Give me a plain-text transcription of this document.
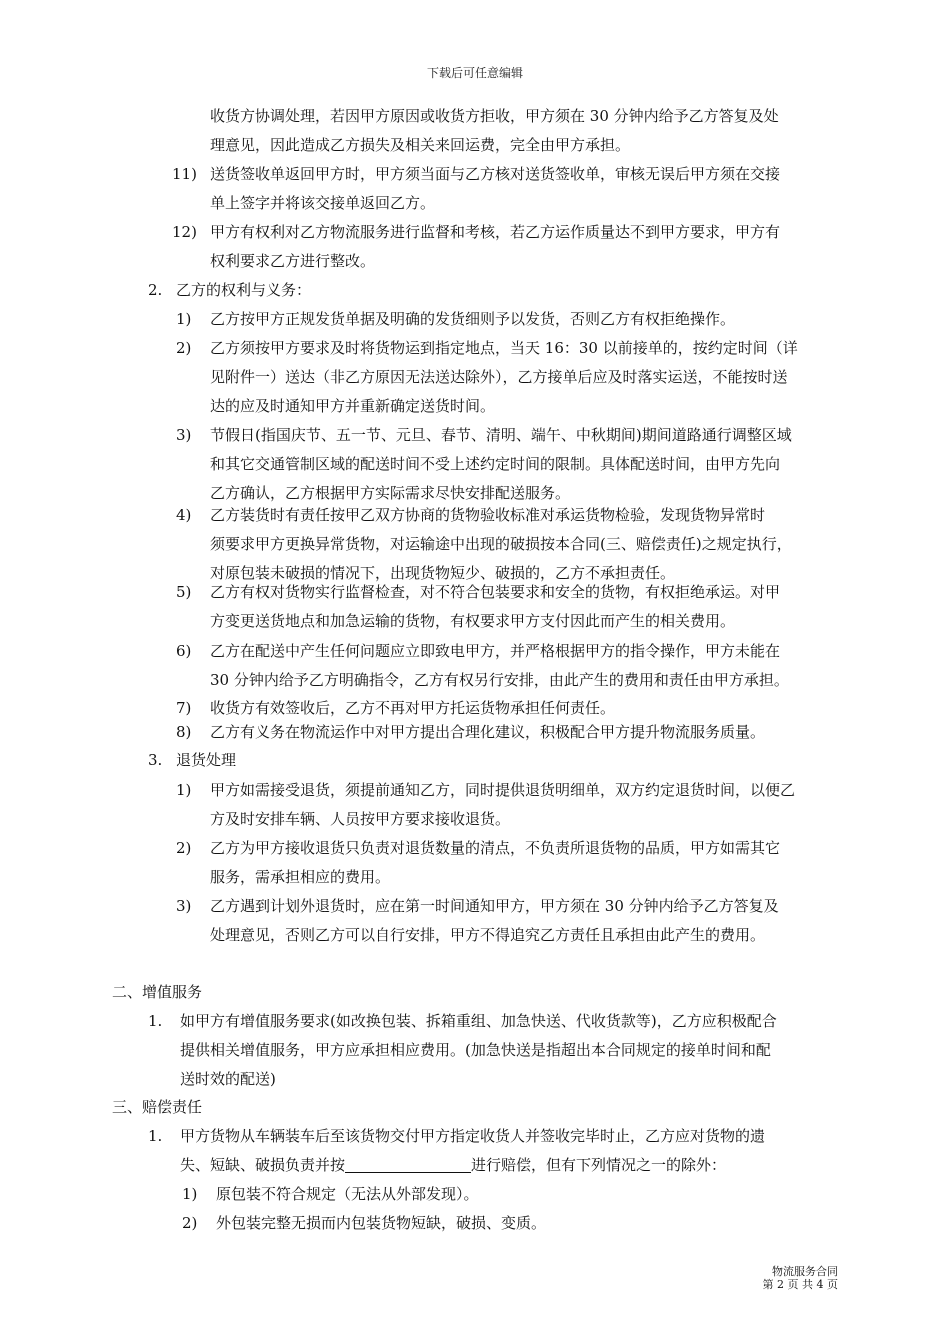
下载后可任意编辑
收货方协调处理，若因甲方原因或收货方拒收，甲方须在 30 分钟内给予乙方答复及处
理意见，因此造成乙方损失及相关来回运费，完全由甲方承担。
11) 送货签收单返回甲方时，甲方须当面与乙方核对送货签收单，审核无误后甲方须在交接
单上签字并将该交接单返回乙方。
12) 甲方有权利对乙方物流服务进行监督和考核，若乙方运作质量达不到甲方要求，甲方有
权利要求乙方进行整改。
2. 乙方的权利与义务：
1) 乙方按甲方正规发货单据及明确的发货细则予以发货，否则乙方有权拒绝操作。
2) 乙方须按甲方要求及时将货物运到指定地点，当天 16：30 以前接单的，按约定时间（详
见附件一）送达（非乙方原因无法送达除外），乙方接单后应及时落实运送，不能按时送
达的应及时通知甲方并重新确定送货时间。
3) 节假日(指国庆节、五一节、元旦、春节、清明、端午、中秋期间)期间道路通行调整区域
和其它交通管制区域的配送时间不受上述约定时间的限制。具体配送时间，由甲方先向
乙方确认，乙方根据甲方实际需求尽快安排配送服务。
4) 乙方装货时有责任按甲乙双方协商的货物验收标准对承运货物检验，发现货物异常时
须要求甲方更换异常货物，对运输途中出现的破损按本合同(三、赔偿责任)之规定执行，
对原包装未破损的情况下，出现货物短少、破损的，乙方不承担责任。
5) 乙方有权对货物实行监督检查，对不符合包装要求和安全的货物，有权拒绝承运。对甲
方变更送货地点和加急运输的货物，有权要求甲方支付因此而产生的相关费用。
6) 乙方在配送中产生任何问题应立即致电甲方，并严格根据甲方的指令操作，甲方未能在
30 分钟内给予乙方明确指令，乙方有权另行安排，由此产生的费用和责任由甲方承担。
7) 收货方有效签收后，乙方不再对甲方托运货物承担任何责任。
8) 乙方有义务在物流运作中对甲方提出合理化建议，积极配合甲方提升物流服务质量。
3. 退货处理
1) 甲方如需接受退货，须提前通知乙方，同时提供退货明细单，双方约定退货时间，以便乙
方及时安排车辆、人员按甲方要求接收退货。
2) 乙方为甲方接收退货只负责对退货数量的清点，不负责所退货物的品质，甲方如需其它
服务，需承担相应的费用。
3) 乙方遇到计划外退货时，应在第一时间通知甲方，甲方须在 30 分钟内给予乙方答复及
处理意见，否则乙方可以自行安排，甲方不得追究乙方责任且承担由此产生的费用。
二、增值服务
1. 如甲方有增值服务要求(如改换包装、拆箱重组、加急快送、代收货款等)，乙方应积极配合
提供相关增值服务，甲方应承担相应费用。(加急快送是指超出本合同规定的接单时间和配
送时效的配送)
三、赔偿责任
1. 甲方货物从车辆装车后至该货物交付甲方指定收货人并签收完毕时止，乙方应对货物的遗
失、短缺、破损负责并按	进行赔偿，但有下列情况之一的除外：
1) 原包装不符合规定（无法从外部发现）。
2) 外包装完整无损而内包装货物短缺，破损、变质。
物流服务合同
第 2 页 共 4 页
